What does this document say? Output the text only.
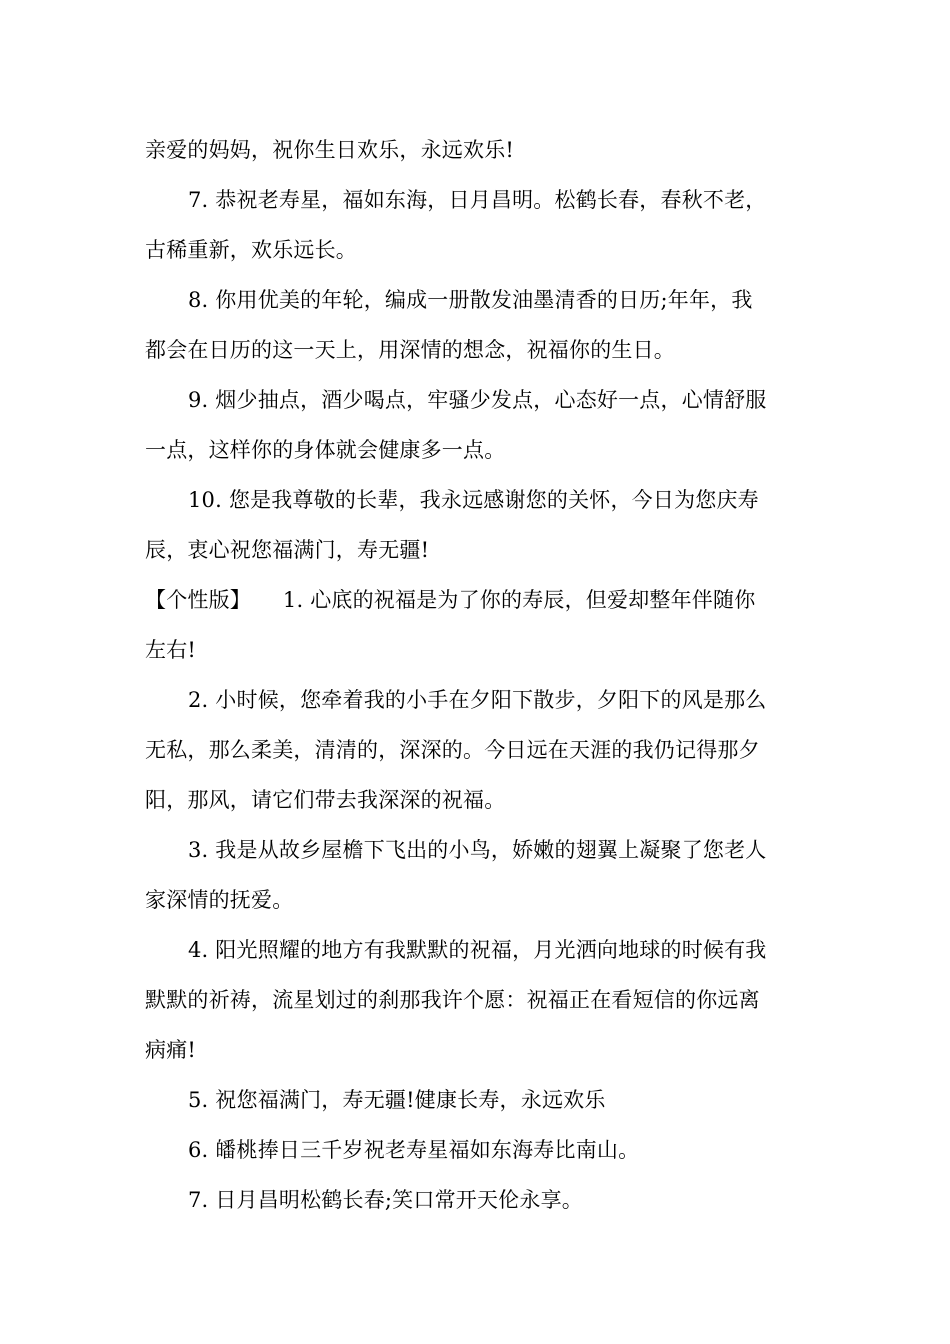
亲爱的妈妈，祝你生日欢乐，永远欢乐!
7. 恭祝老寿星，福如东海，日月昌明。松鹤长春，春秋不老，
古稀重新，欢乐远长。
8. 你用优美的年轮，编成一册散发油墨清香的日历;年年，我
都会在日历的这一天上，用深情的想念，祝福你的生日。
9. 烟少抽点，酒少喝点，牢骚少发点，心态好一点，心情舒服
一点，这样你的身体就会健康多一点。
10. 您是我尊敬的长辈，我永远感谢您的关怀，今日为您庆寿
辰，衷心祝您福满门，寿无疆!
【个性版】　　1. 心底的祝福是为了你的寿辰，但爱却整年伴随你
左右!
2. 小时候，您牵着我的小手在夕阳下散步，夕阳下的风是那么
无私，那么柔美，清清的，深深的。今日远在天涯的我仍记得那夕
阳，那风，请它们带去我深深的祝福。
3. 我是从故乡屋檐下飞出的小鸟，娇嫩的翅翼上凝聚了您老人
家深情的抚爱。
4. 阳光照耀的地方有我默默的祝福，月光洒向地球的时候有我
默默的祈祷，流星划过的刹那我许个愿：祝福正在看短信的你远离
病痛!
5. 祝您福满门，寿无疆!健康长寿，永远欢乐
6. 皤桃捧日三千岁祝老寿星福如东海寿比南山。
7. 日月昌明松鹤长春;笑口常开天伦永享。
